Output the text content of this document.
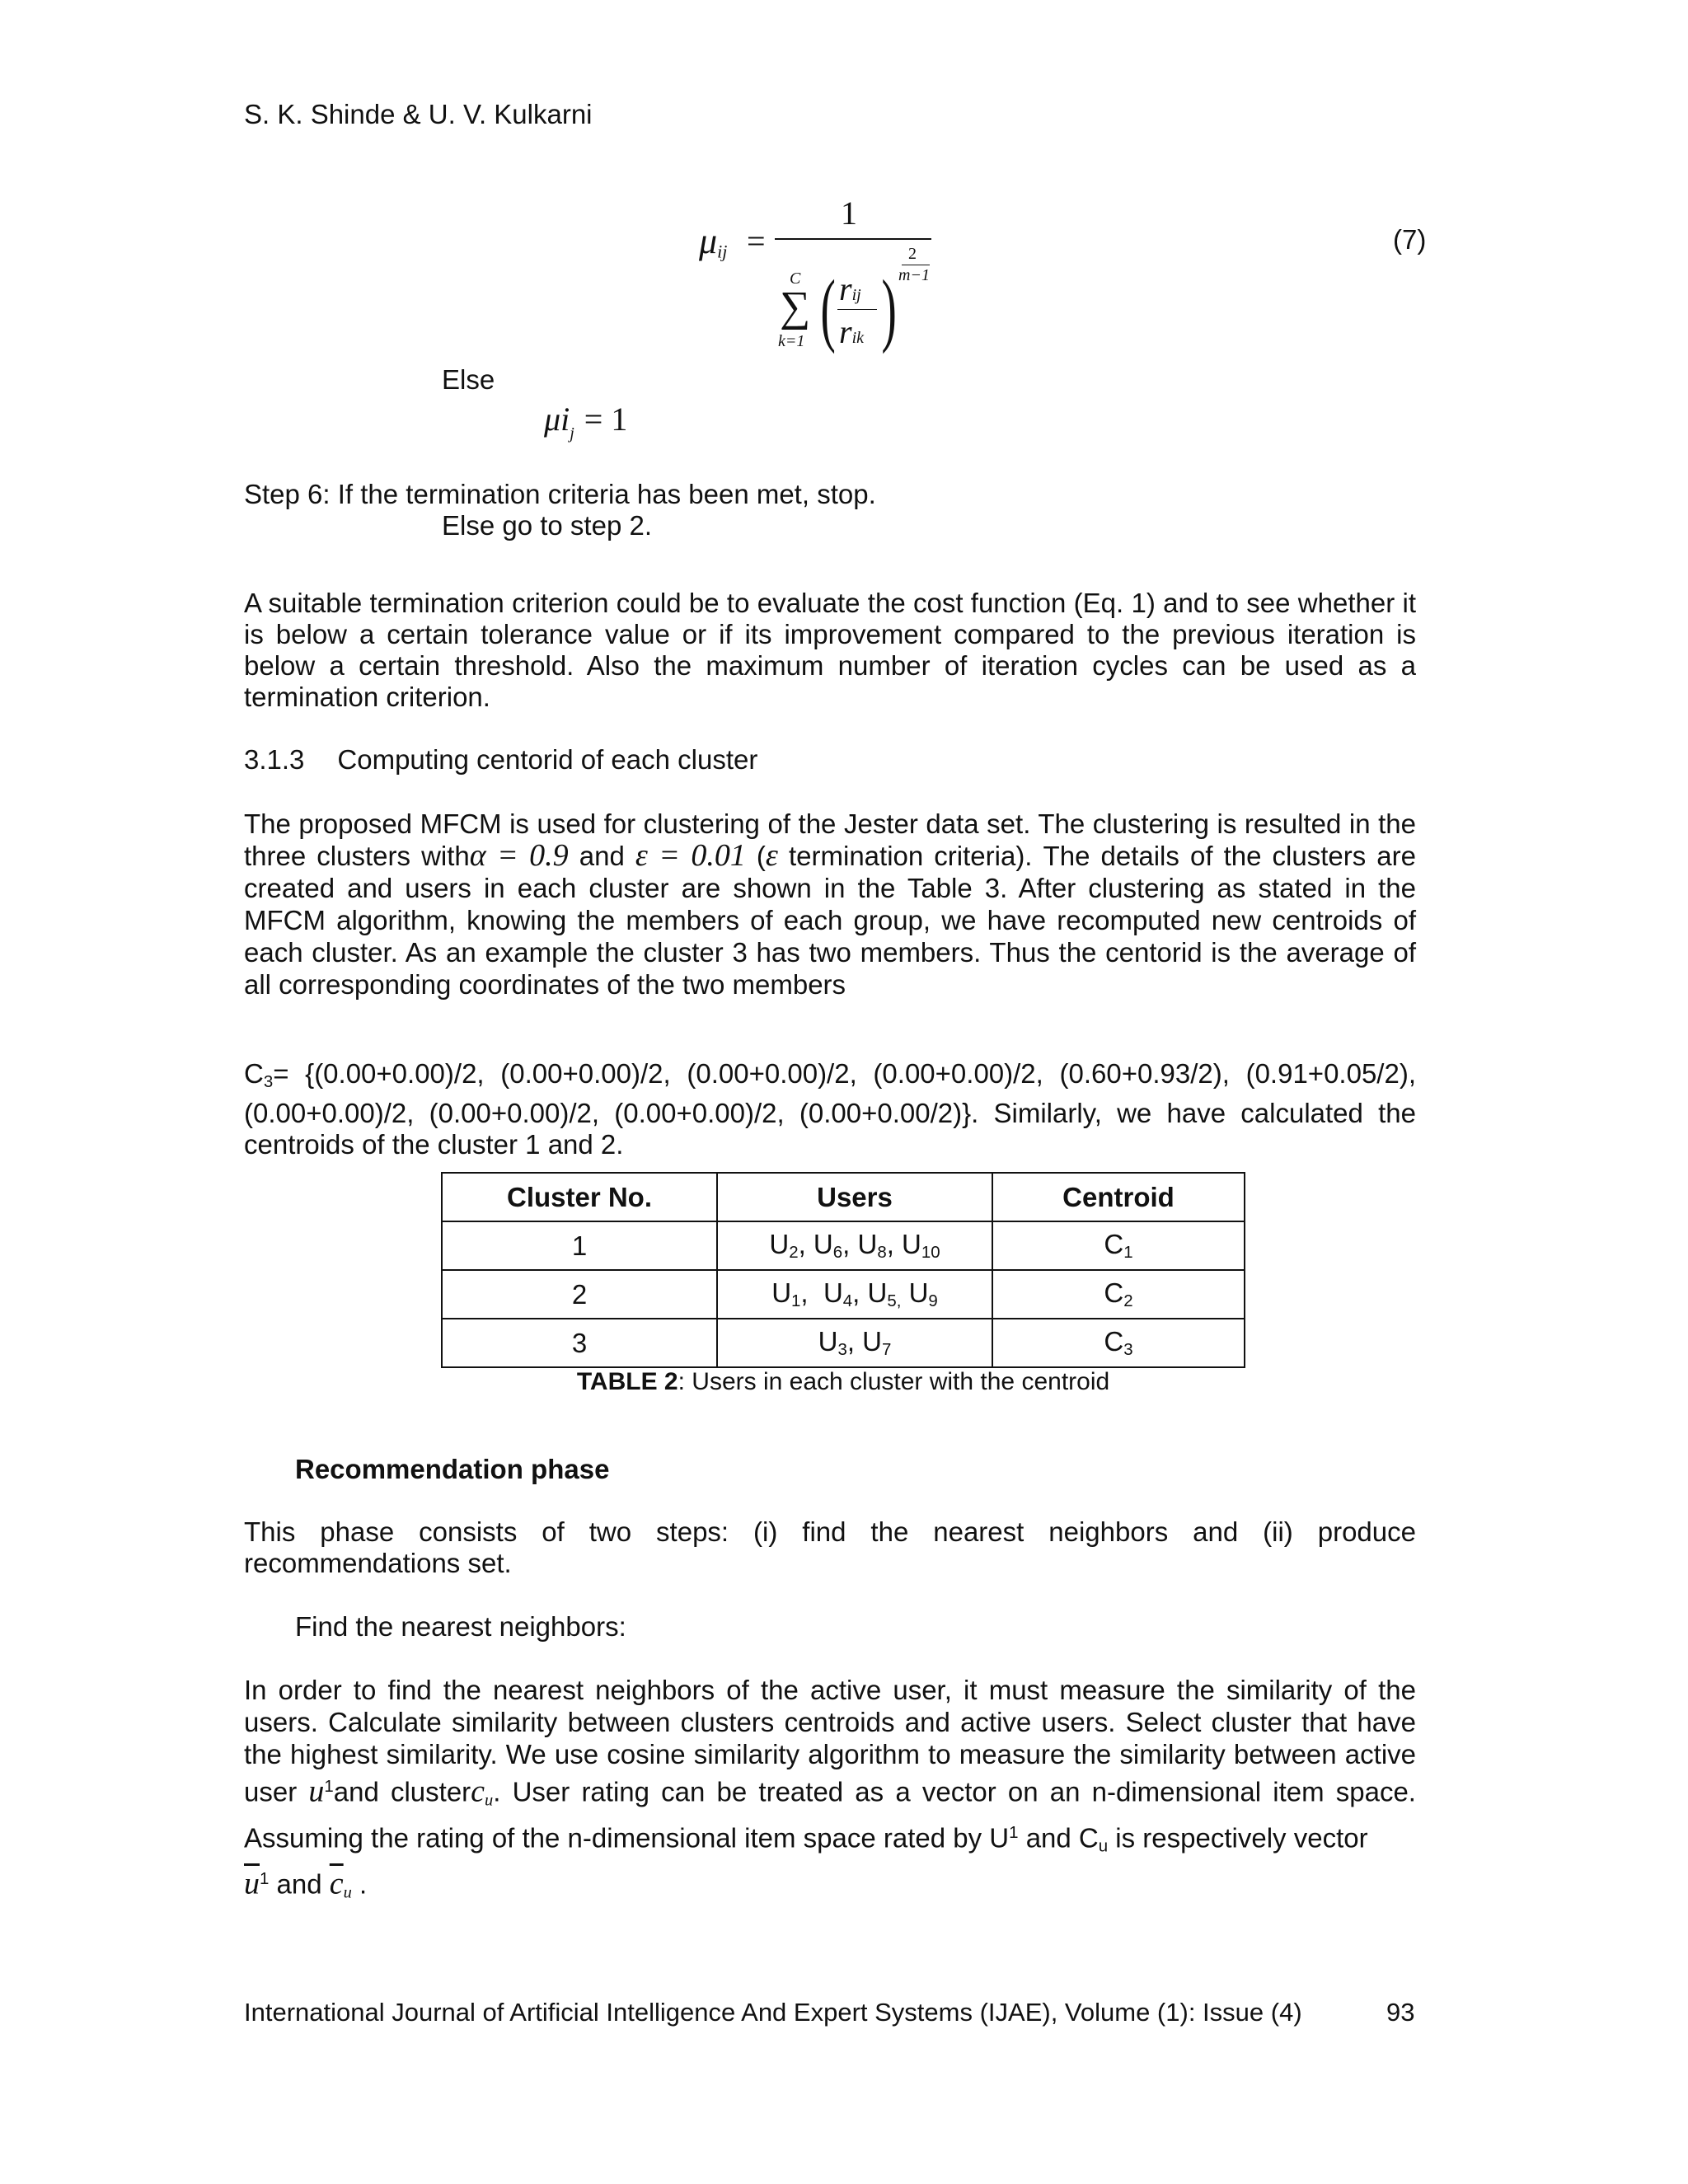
S. K. Shinde & U. V. Kulkarni
$\mu_{ij}$ =
1
C
∑
k=1 ( rij
rik )
2
m−1
(7)
Else
$\mu i_j = 1$
Step 6: If the termination criteria has been met, stop.
Else go to step 2.
A suitable termination criterion could be to evaluate the cost function (Eq. 1) and to see whether it is below a certain tolerance value or if its improvement compared to the previous iteration is below a certain threshold. Also the maximum number of iteration cycles can be used as a termination criterion.
3.1.3 Computing centorid of each cluster
The proposed MFCM is used for clustering of the Jester data set. The clustering is resulted in the three clusters withα = 0.9 and ε = 0.01 (ε termination criteria). The details of the clusters are created and users in each cluster are shown in the Table 3. After clustering as stated in the MFCM algorithm, knowing the members of each group, we have recomputed new centroids of each cluster. As an example the cluster 3 has two members. Thus the centorid is the average of all corresponding coordinates of the two members
$C_3= \{(0.00+0.00)/2$, (0.00+0.00)/2, (0.00+0.00)/2, (0.00+0.00)/2, (0.60+0.93/2), (0.91+0.05/2), (0.00+0.00)/2, (0.00+0.00)/2, (0.00+0.00)/2, (0.00+0.00/2)}. Similarly, we have calculated the centroids of the cluster 1 and 2.
Cluster No.	Users	Centroid
1	$U_2$, $U_6$, $U_8$, $U_{10}$	$C_1$
2	$U_1$,  $U_4$, $U_{5,}$ $U_9$	$C_2$
3	$U_3$, $U_7$	$C_3$
TABLE 2: Users in each cluster with the centroid
Recommendation phase
This phase consists of two steps: (i) find the nearest neighbors and (ii) produce recommendations set.
Find the nearest neighbors:
In order to find the nearest neighbors of the active user, it must measure the similarity of the users. Calculate similarity between clusters centroids and active users. Select cluster that have the highest similarity. We use cosine similarity algorithm to measure the similarity between active user $u^1and$ clusterc$_u$. User rating can be treated as a vector on an n-dimensional item space. Assuming the rating of the n-dimensional item space rated by $U^1$ and $C_u$ is respectively vector
$\overline{u}^1$ and $\overline{c}_u$ .
International Journal of Artificial Intelligence And Expert Systems (IJAE), Volume (1): Issue (4)	93
